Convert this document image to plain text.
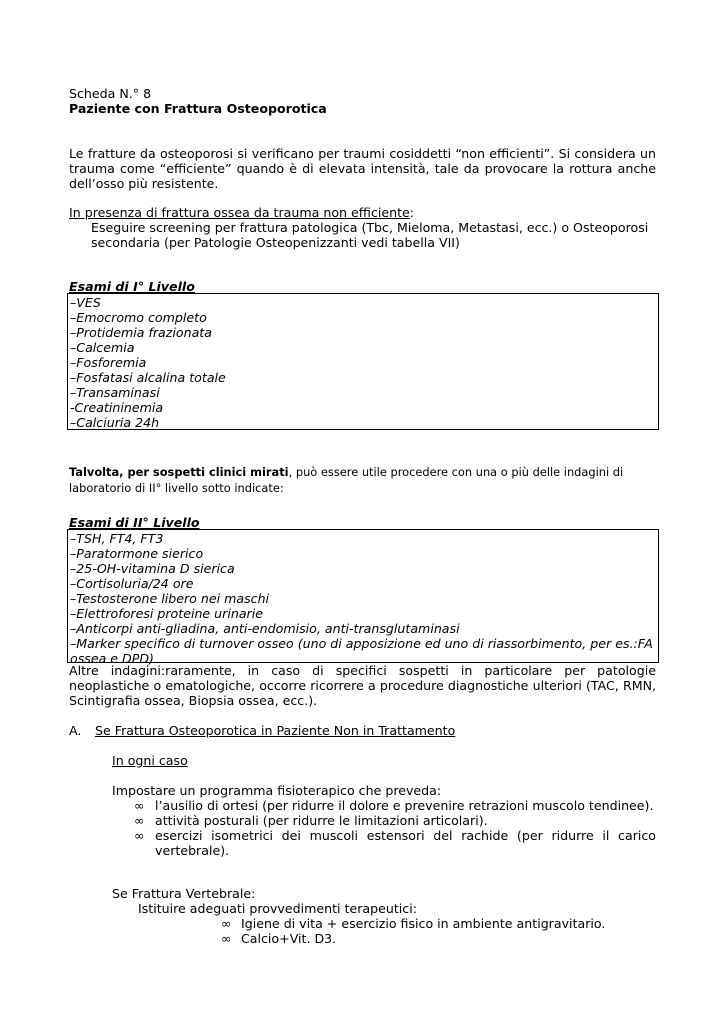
Scheda N.° 8
Paziente con Frattura Osteoporotica

Le fratture da osteoporosi si verificano per traumi cosiddetti “non efficienti”. Si considera un trauma come “efficiente” quando è di elevata intensità, tale da provocare la rottura anche dell’osso più resistente.

In presenza di frattura ossea da trauma non efficiente:

Eseguire screening per frattura patologica (Tbc, Mieloma, Metastasi, ecc.) o Osteoporosi secondaria (per Patologie Osteopenizzanti vedi tabella VII)

Esami di I° Livello
–VES
–Emocromo completo
–Protidemia frazionata
–Calcemia
–Fosforemia
–Fosfatasi alcalina totale
–Transaminasi
-Creatininemia
–Calciuria 24h

Talvolta, per sospetti clinici mirati, può essere utile procedere con una o più delle indagini di laboratorio di II° livello sotto indicate:

Esami di II° Livello
–TSH, FT4, FT3
–Paratormone sierico
–25-OH-vitamina D sierica
–Cortisoluria/24 ore
–Testosterone libero nei maschi
–Elettroforesi proteine urinarie
–Anticorpi anti-gliadina, anti-endomisio, anti-transglutaminasi
–Marker specifico di turnover osseo (uno di apposizione ed uno di riassorbimento, per es.:FA ossea e DPD)

Altre indagini:raramente, in caso di specifici sospetti in particolare per patologie neoplastiche o ematologiche, occorre ricorrere a procedure diagnostiche ulteriori (TAC, RMN, Scintigrafia ossea, Biopsia ossea, ecc.).

A. Se Frattura Osteoporotica in Paziente Non in Trattamento
In ogni caso
Impostare un programma fisioterapico che preveda:
∞ l’ausilio di ortesi (per ridurre il dolore e prevenire retrazioni muscolo tendinee).
∞ attività posturali (per ridurre le limitazioni articolari).
∞ esercizi isometrici dei muscoli estensori del rachide (per ridurre il carico vertebrale).
Se Frattura Vertebrale:
Istituire adeguati provvedimenti terapeutici:
∞ Igiene di vita + esercizio fisico in ambiente antigravitario.
∞ Calcio+Vit. D3.
